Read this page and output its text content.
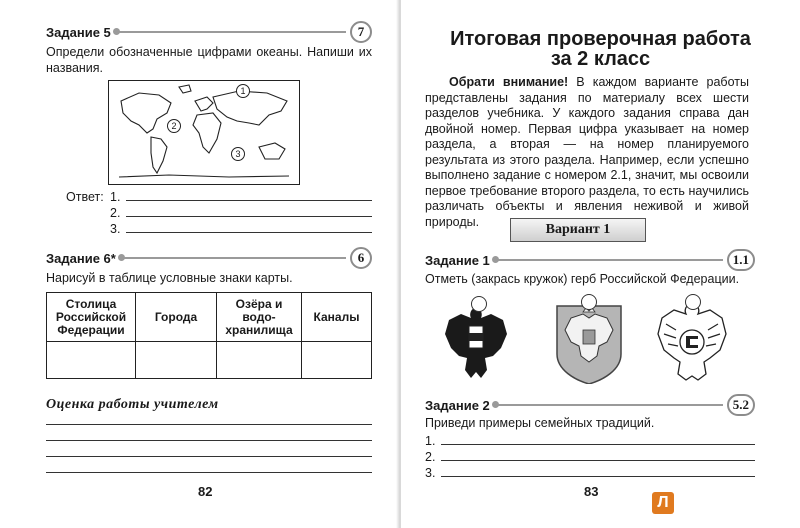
Задание 5	7
Определи обозначенные цифрами океаны. Напиши их названия.
1
2
3
Ответ: 1.
2.
3.
Задание 6*	6
Нарисуй в таблице условные знаки карты.
Столица Российской Федерации	Города	Озёра и водо-хранилища	Каналы

Оценка работы учителем
82
Итоговая проверочная работа
за 2 класс
Обрати внимание! В каждом варианте работы представлены задания по материалу всех шести разделов учебника. У каждого задания справа дан двойной номер. Первая цифра указывает на номер раздела, а вторая — на номер планируемого результата из этого раздела. Например, если успешно выполнено задание с номером 2.1, значит, мы освоили первое требование второго раздела, то есть научились различать объекты и явления неживой и живой природы.
Вариант 1
Задание 1	1.1
Отметь (закрась кружок) герб Российской Федерации.
Задание 2	5.2
Приведи примеры семейных традиций.
1.
2.
3.
83
Л
